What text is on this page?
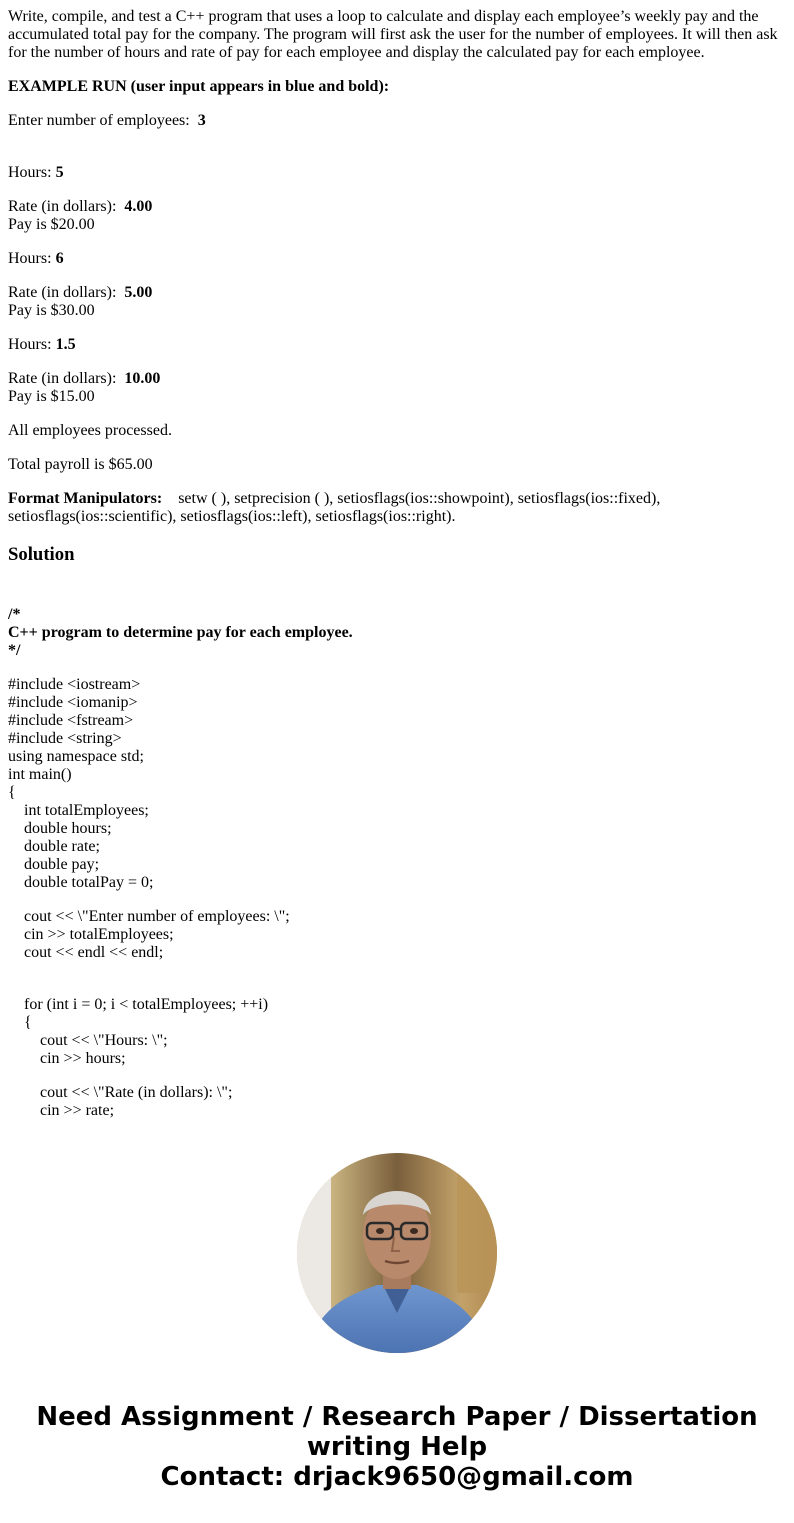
Write, compile, and test a C++ program that uses a loop to calculate and display each employee’s weekly pay and the accumulated total pay for the company. The program will first ask the user for the number of employees. It will then ask for the number of hours and rate of pay for each employee and display the calculated pay for each employee.

EXAMPLE RUN (user input appears in blue and bold):

Enter number of employees: 3

Hours: 5

Rate (in dollars): 4.00

Pay is $20.00

Hours: 6

Rate (in dollars): 5.00

Pay is $30.00

Hours: 1.5

Rate (in dollars): 10.00

Pay is $15.00

All employees processed.

Total payroll is $65.00

Format Manipulators: setw ( ), setprecision ( ), setiosflags(ios::showpoint), setiosflags(ios::fixed), setiosflags(ios::scientific), setiosflags(ios::left), setiosflags(ios::right).

Solution
/*
C++ program to determine pay for each employee.
*/
#include <iostream>
#include <iomanip>
#include <fstream>
#include <string>
using namespace std;
int main()
{
int totalEmployees;
double hours;
double rate;
double pay;
double totalPay = 0;
cout << \"Enter number of employees: \";
cin >> totalEmployees;
cout << endl << endl;
for (int i = 0; i < totalEmployees; ++i)
{
cout << \"Hours: \";
cin >> hours;
cout << \"Rate (in dollars): \";
cin >> rate;
Need Assignment / Research Paper / Dissertation
writing Help
Contact: drjack9650@gmail.com
